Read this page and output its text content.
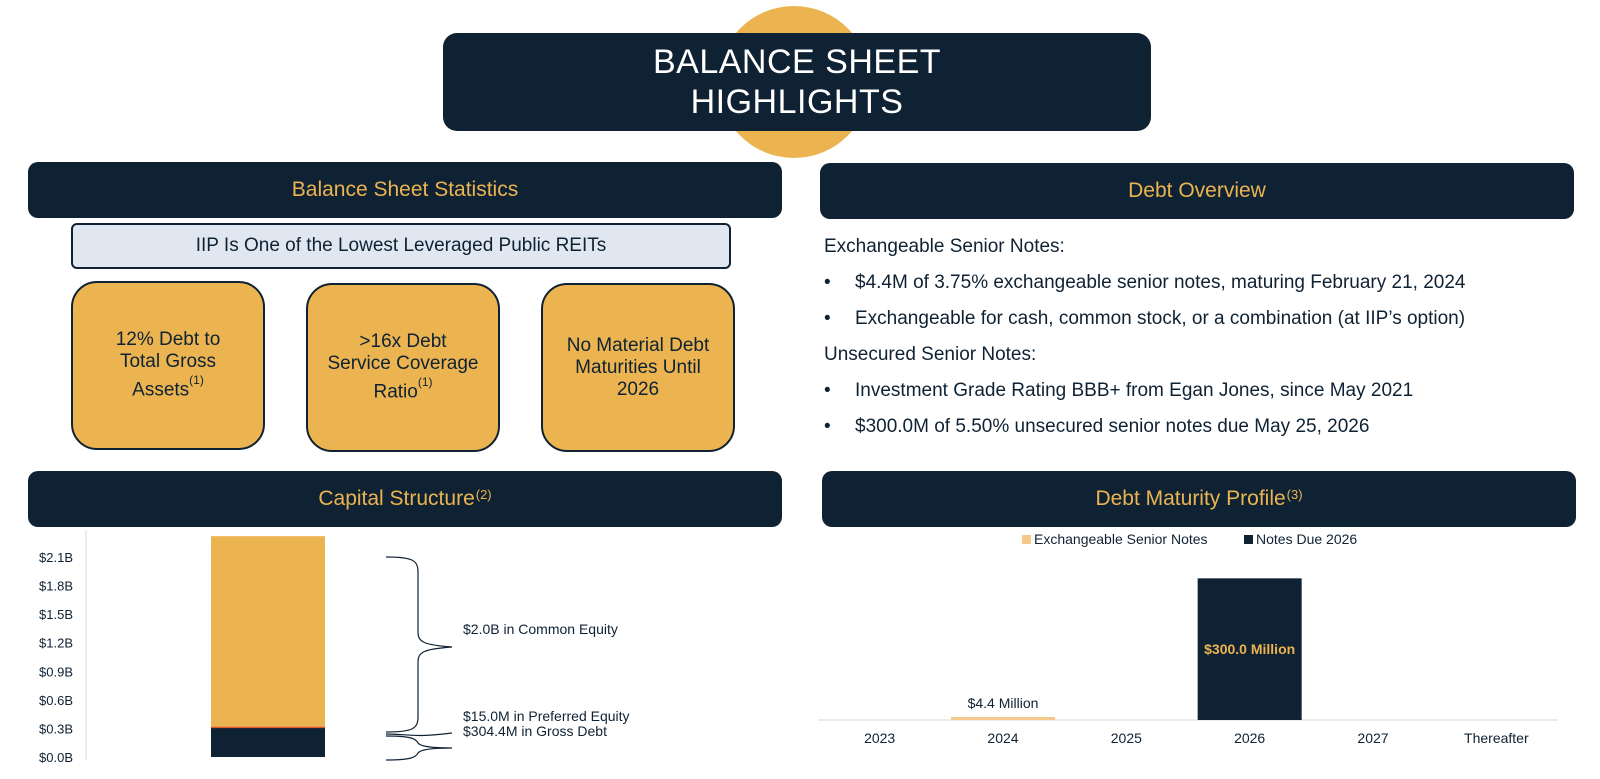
BALANCE SHEET
HIGHLIGHTS
Balance Sheet Statistics	Debt Overview
Capital Structure$^{(2)}$	Debt Maturity Profile$^{(3)}$
IIP Is One of the Lowest Leveraged Public REITs
12% Debt to
Total Gross
Assets$^{(1)}$
>16x Debt
Service Coverage
Ratio$^{(1)}$
No Material Debt
Maturities Until
2026
Exchangeable Senior Notes:
• $4.4M of 3.75% exchangeable senior notes, maturing February 21, 2024
• Exchangeable for cash, common stock, or a combination (at IIP’s option)
Unsecured Senior Notes:
• Investment Grade Rating BBB+ from Egan Jones, since May 2021
• $300.0M of 5.50% unsecured senior notes due May 25, 2026
$2.0B in Common Equity
$15.0M in Preferred Equity
$304.4M in Gross Debt
$0.0B
$0.3B
$0.6B
$0.9B
$1.2B
$1.5B
$1.8B
$2.1B
2023	2024
$4.4 Million
2025	2026
$300.0 Million
2027	Thereafter
Exchangeable Senior Notes	Notes Due 2026
